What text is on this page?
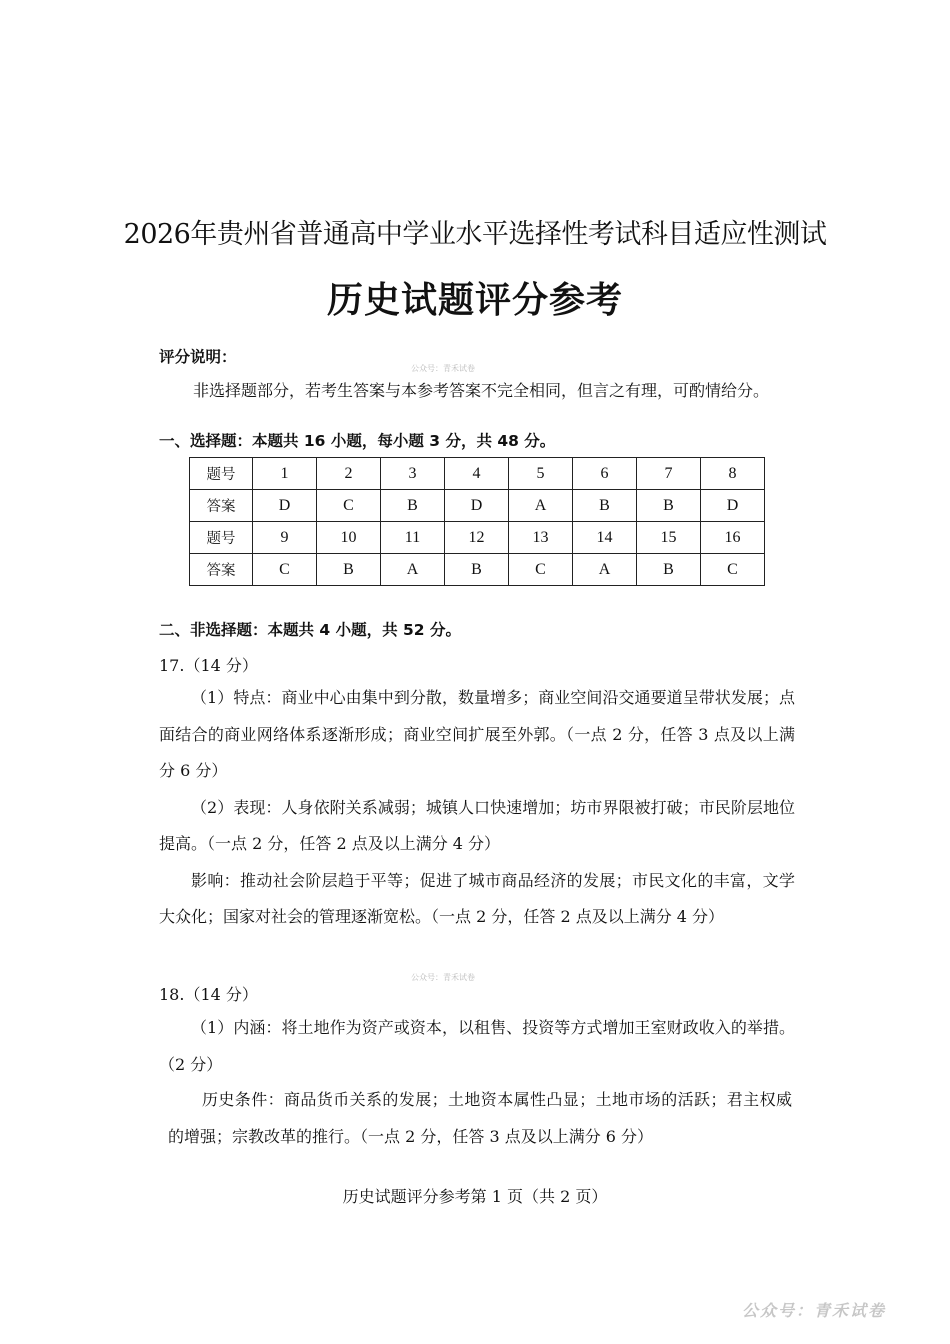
2026年贵州省普通高中学业水平选择性考试科目适应性测试
历史试题评分参考
评分说明：
公众号：青禾试卷
非选择题部分，若考生答案与本参考答案不完全相同，但言之有理，可酌情给分。
一、选择题：本题共 16 小题，每小题 3 分，共 48 分。
题号	1	2	3	4	5	6	7	8
答案	D	C	B	D	A	B	B	D
题号	9	10	11	12	13	14	15	16
答案	C	B	A	B	C	A	B	C
二、非选择题：本题共 4 小题，共 52 分。
17.（14 分）

（1）特点：商业中心由集中到分散，数量增多；商业空间沿交通要道呈带状发展；点面结合的商业网络体系逐渐形成；商业空间扩展至外郭。（一点 2 分，任答 3 点及以上满分 6 分）

（2）表现：人身依附关系减弱；城镇人口快速增加；坊市界限被打破；市民阶层地位提高。（一点 2 分，任答 2 点及以上满分 4 分）

影响：推动社会阶层趋于平等；促进了城市商品经济的发展；市民文化的丰富，文学大众化；国家对社会的管理逐渐宽松。（一点 2 分，任答 2 点及以上满分 4 分）

公众号：青禾试卷
18.（14 分）

（1）内涵：将土地作为资产或资本，以租售、投资等方式增加王室财政收入的举措。（2 分）

历史条件：商品货币关系的发展；土地资本属性凸显；土地市场的活跃；君主权威的增强；宗教改革的推行。（一点 2 分，任答 3 点及以上满分 6 分）

历史试题评分参考第 1 页（共 2 页）
公众号：青禾试卷
